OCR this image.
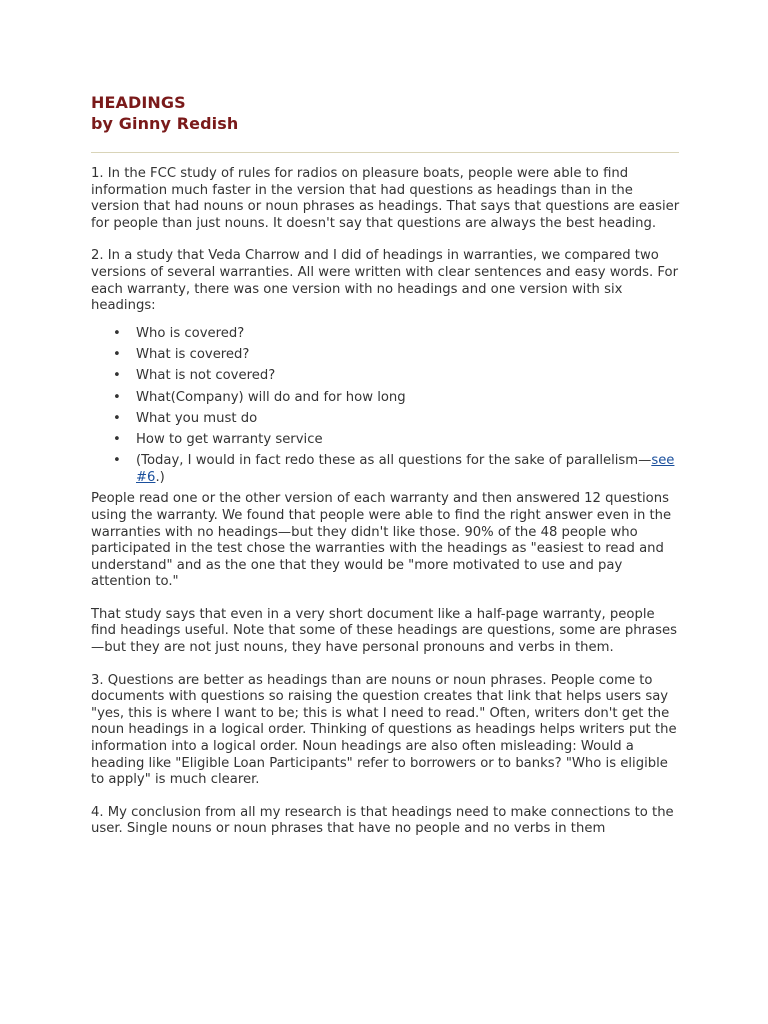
HEADINGS
by Ginny Redish

1. In the FCC study of rules for radios on pleasure boats, people were able to find information much faster in the version that had questions as headings than in the version that had nouns or noun phrases as headings. That says that questions are easier for people than just nouns. It doesn't say that questions are always the best heading.

2. In a study that Veda Charrow and I did of headings in warranties, we compared two versions of several warranties. All were written with clear sentences and easy words. For each warranty, there was one version with no headings and one version with six headings:

• Who is covered?
• What is covered?
• What is not covered?
• What(Company) will do and for how long
• What you must do
• How to get warranty service
• (Today, I would in fact redo these as all questions for the sake of parallelism—see #6.)

People read one or the other version of each warranty and then answered 12 questions using the warranty. We found that people were able to find the right answer even in the warranties with no headings—but they didn't like those. 90% of the 48 people who participated in the test chose the warranties with the headings as "easiest to read and understand" and as the one that they would be "more motivated to use and pay attention to."

That study says that even in a very short document like a half-page warranty, people find headings useful. Note that some of these headings are questions, some are phrases —but they are not just nouns, they have personal pronouns and verbs in them.

3. Questions are better as headings than are nouns or noun phrases. People come to documents with questions so raising the question creates that link that helps users say "yes, this is where I want to be; this is what I need to read." Often, writers don't get the noun headings in a logical order. Thinking of questions as headings helps writers put the information into a logical order. Noun headings are also often misleading: Would a heading like "Eligible Loan Participants" refer to borrowers or to banks? "Who is eligible to apply" is much clearer.

4. My conclusion from all my research is that headings need to make connections to the user. Single nouns or noun phrases that have no people and no verbs in them
